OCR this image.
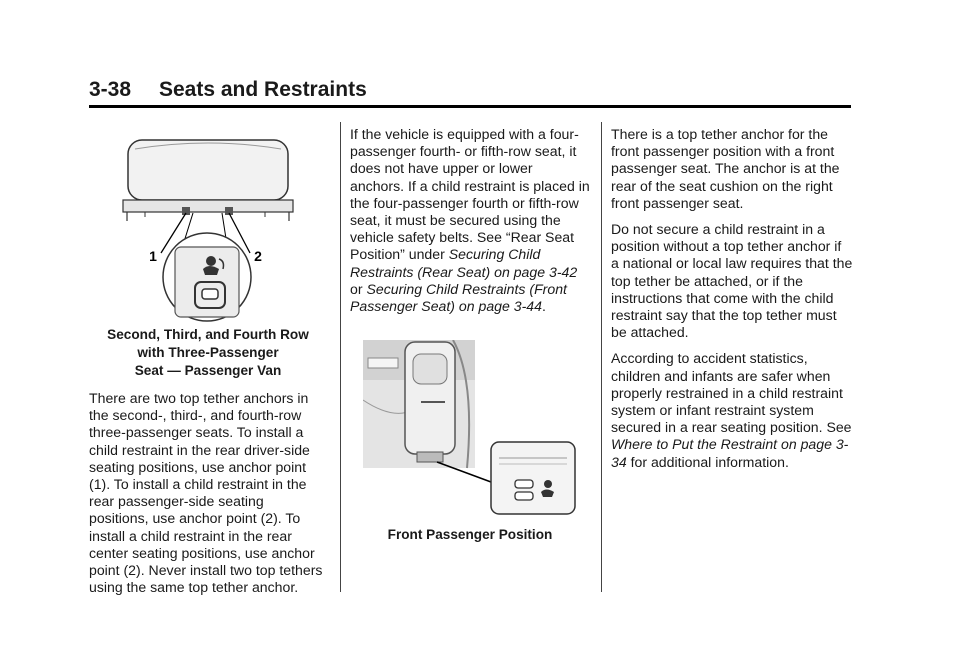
3-38 Seats and Restraints
1	2

Second, Third, and Fourth Row

with Three-Passenger

Seat — Passenger Van

There are two top tether anchors in the second-, third-, and fourth-row three-passenger seats. To install a child restraint in the rear driver-side seating positions, use anchor point (1). To install a child restraint in the rear passenger-side seating positions, use anchor point (2). To install a child restraint in the rear center seating positions, use anchor point (2). Never install two top tethers using the same top tether anchor.

If the vehicle is equipped with a four-passenger fourth- or fifth-row seat, it does not have upper or lower anchors. If a child restraint is placed in the four-passenger fourth or fifth-row seat, it must be secured using the vehicle safety belts. See “Rear Seat Position” under Securing Child Restraints (Rear Seat) on page 3-42 or Securing Child Restraints (Front Passenger Seat) on page 3-44.

Front Passenger Position

There is a top tether anchor for the front passenger position with a front passenger seat. The anchor is at the rear of the seat cushion on the right front passenger seat.

Do not secure a child restraint in a position without a top tether anchor if a national or local law requires that the top tether be attached, or if the instructions that come with the child restraint say that the top tether must be attached.

According to accident statistics, children and infants are safer when properly restrained in a child restraint system or infant restraint system secured in a rear seating position. See Where to Put the Restraint on page 3-34 for additional information.
